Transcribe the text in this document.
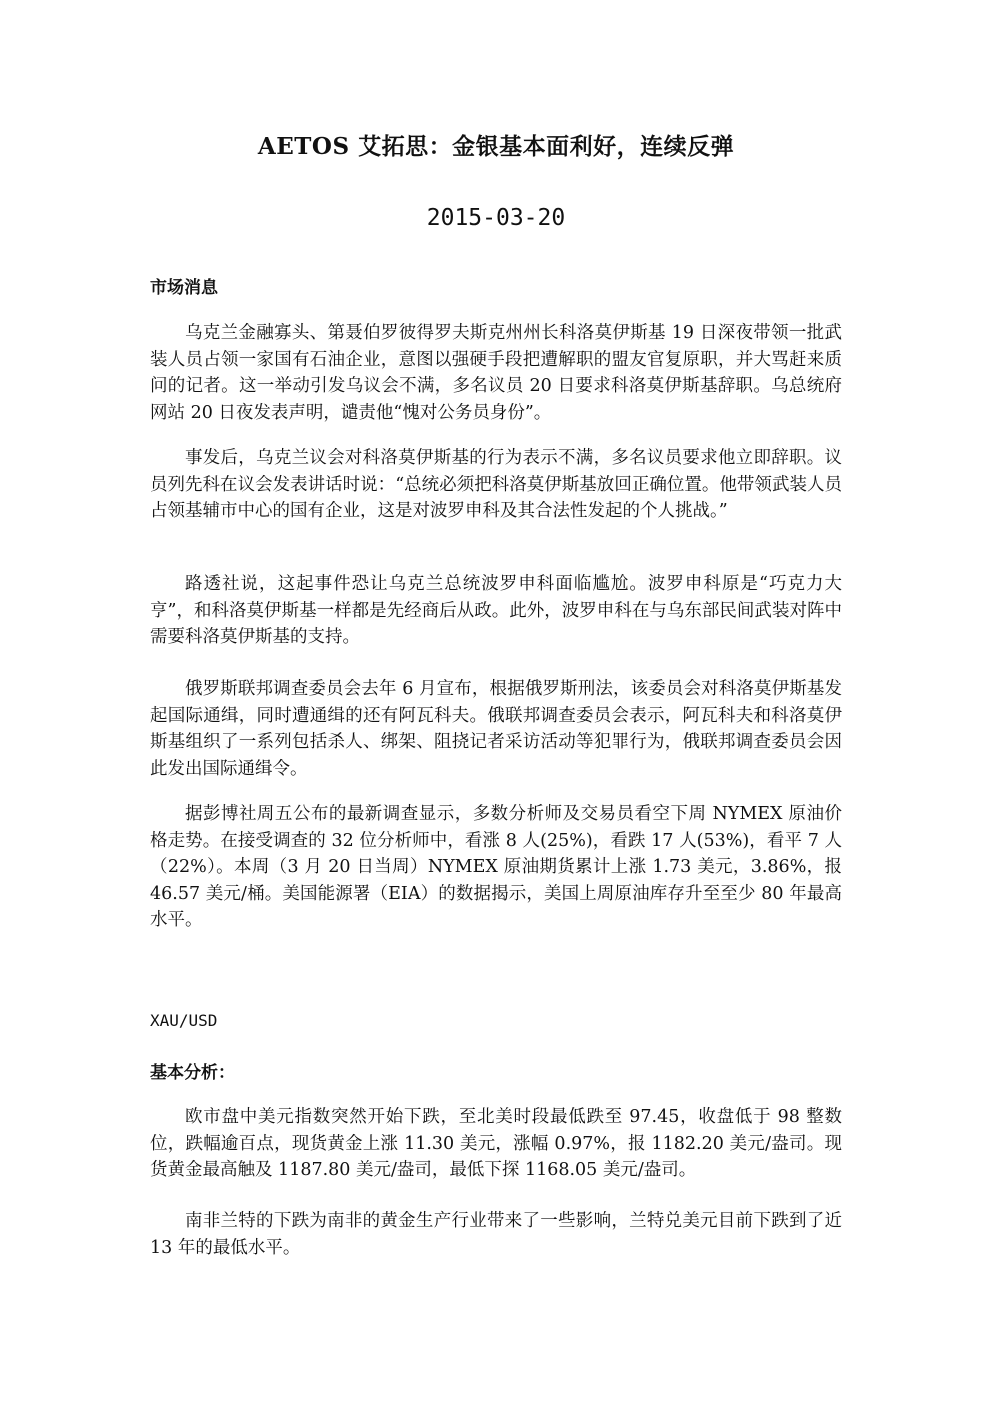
AETOS 艾拓思：金银基本面利好，连续反弹
2015-03-20
市场消息

乌克兰金融寡头、第聂伯罗彼得罗夫斯克州州长科洛莫伊斯基 19 日深夜带领一批武装人员占领一家国有石油企业，意图以强硬手段把遭解职的盟友官复原职，并大骂赶来质问的记者。这一举动引发乌议会不满，多名议员 20 日要求科洛莫伊斯基辞职。乌总统府网站 20 日夜发表声明，谴责他“愧对公务员身份”。

事发后，乌克兰议会对科洛莫伊斯基的行为表示不满，多名议员要求他立即辞职。议员列先科在议会发表讲话时说：“总统必须把科洛莫伊斯基放回正确位置。他带领武装人员占领基辅市中心的国有企业，这是对波罗申科及其合法性发起的个人挑战。”

路透社说，这起事件恐让乌克兰总统波罗申科面临尴尬。波罗申科原是“巧克力大亨”，和科洛莫伊斯基一样都是先经商后从政。此外，波罗申科在与乌东部民间武装对阵中需要科洛莫伊斯基的支持。

俄罗斯联邦调查委员会去年 6 月宣布，根据俄罗斯刑法，该委员会对科洛莫伊斯基发起国际通缉，同时遭通缉的还有阿瓦科夫。俄联邦调查委员会表示，阿瓦科夫和科洛莫伊斯基组织了一系列包括杀人、绑架、阻挠记者采访活动等犯罪行为，俄联邦调查委员会因此发出国际通缉令。

据彭博社周五公布的最新调查显示，多数分析师及交易员看空下周 NYMEX 原油价格走势。在接受调查的 32 位分析师中，看涨 8 人(25%)，看跌 17 人(53%)，看平 7 人（22%）。本周（3 月 20 日当周）NYMEX 原油期货累计上涨 1.73 美元，3.86%，报 46.57 美元/桶。美国能源署（EIA）的数据揭示，美国上周原油库存升至至少 80 年最高水平。

XAU/USD
基本分析：

欧市盘中美元指数突然开始下跌，至北美时段最低跌至 97.45，收盘低于 98 整数位，跌幅逾百点，现货黄金上涨 11.30 美元，涨幅 0.97%，报 1182.20 美元/盎司。现货黄金最高触及 1187.80 美元/盎司，最低下探 1168.05 美元/盎司。

南非兰特的下跌为南非的黄金生产行业带来了一些影响，兰特兑美元目前下跌到了近 13 年的最低水平。
